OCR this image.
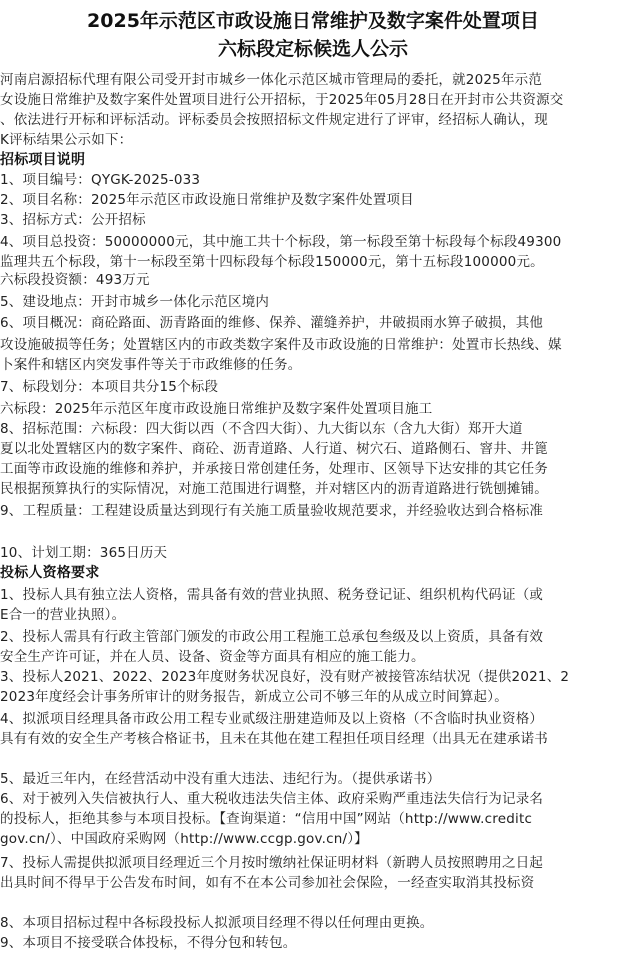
2025年示范区市政设施日常维护及数字案件处置项目
六标段定标候选人公示
河南启源招标代理有限公司受开封市城乡一体化示范区城市管理局的委托，就2025年示范
女设施日常维护及数字案件处置项目进行公开招标，于2025年05月28日在开封市公共资源交
、依法进行开标和评标活动。评标委员会按照招标文件规定进行了评审，经招标人确认，现
K评标结果公示如下：
招标项目说明
1、项目编号：QYGK-2025-033
2、项目名称：2025年示范区市政设施日常维护及数字案件处置项目
3、招标方式：公开招标
4、项目总投资：50000000元，其中施工共十个标段，第一标段至第十标段每个标段49300
监理共五个标段，第十一标段至第十四标段每个标段150000元，第十五标段100000元。
六标段投资额：493万元
5、建设地点：开封市城乡一体化示范区境内
6、项目概况：商砼路面、沥青路面的维修、保养、灌缝养护，井破损雨水箅子破损，其他
攻设施破损等任务；处置辖区内的市政类数字案件及市政设施的日常维护：处置市长热线、媒
卜案件和辖区内突发事件等关于市政维修的任务。
7、标段划分：本项目共分15个标段
六标段：2025年示范区年度市政设施日常维护及数字案件处置项目施工
8、招标范围：六标段：四大街以西（不含四大街）、九大街以东（含九大街）郑开大道
夏以北处置辖区内的数字案件、商砼、沥青道路、人行道、树穴石、道路侧石、窨井、井篦
工面等市政设施的维修和养护，并承接日常创建任务，处理市、区领导下达安排的其它任务
民根据预算执行的实际情况，对施工范围进行调整，并对辖区内的沥青道路进行铣刨摊铺。
9、工程质量：工程建设质量达到现行有关施工质量验收规范要求，并经验收达到合格标准
10、计划工期：365日历天
投标人资格要求
1、投标人具有独立法人资格，需具备有效的营业执照、税务登记证、组织机构代码证（或
E合一的营业执照）。
2、投标人需具有行政主管部门颁发的市政公用工程施工总承包叁级及以上资质，具备有效
安全生产许可证，并在人员、设备、资金等方面具有相应的施工能力。
3、投标人2021、2022、2023年度财务状况良好，没有财产被接管冻结状况（提供2021、2
2023年度经会计事务所审计的财务报告，新成立公司不够三年的从成立时间算起）。
4、拟派项目经理具备市政公用工程专业贰级注册建造师及以上资格（不含临时执业资格）
具有有效的安全生产考核合格证书，且未在其他在建工程担任项目经理（出具无在建承诺书
5、最近三年内，在经营活动中没有重大违法、违纪行为。（提供承诺书）
6、对于被列入失信被执行人、重大税收违法失信主体、政府采购严重违法失信行为记录名
的投标人，拒绝其参与本项目投标。【查询渠道：“信用中国”网站（http://www.creditc
gov.cn/）、中国政府采购网（http://www.ccgp.gov.cn/）】
7、投标人需提供拟派项目经理近三个月按时缴纳社保证明材料（新聘人员按照聘用之日起
出具时间不得早于公告发布时间，如有不在本公司参加社会保险，一经查实取消其投标资
8、本项目招标过程中各标段投标人拟派项目经理不得以任何理由更换。
9、本项目不接受联合体投标，不得分包和转包。
